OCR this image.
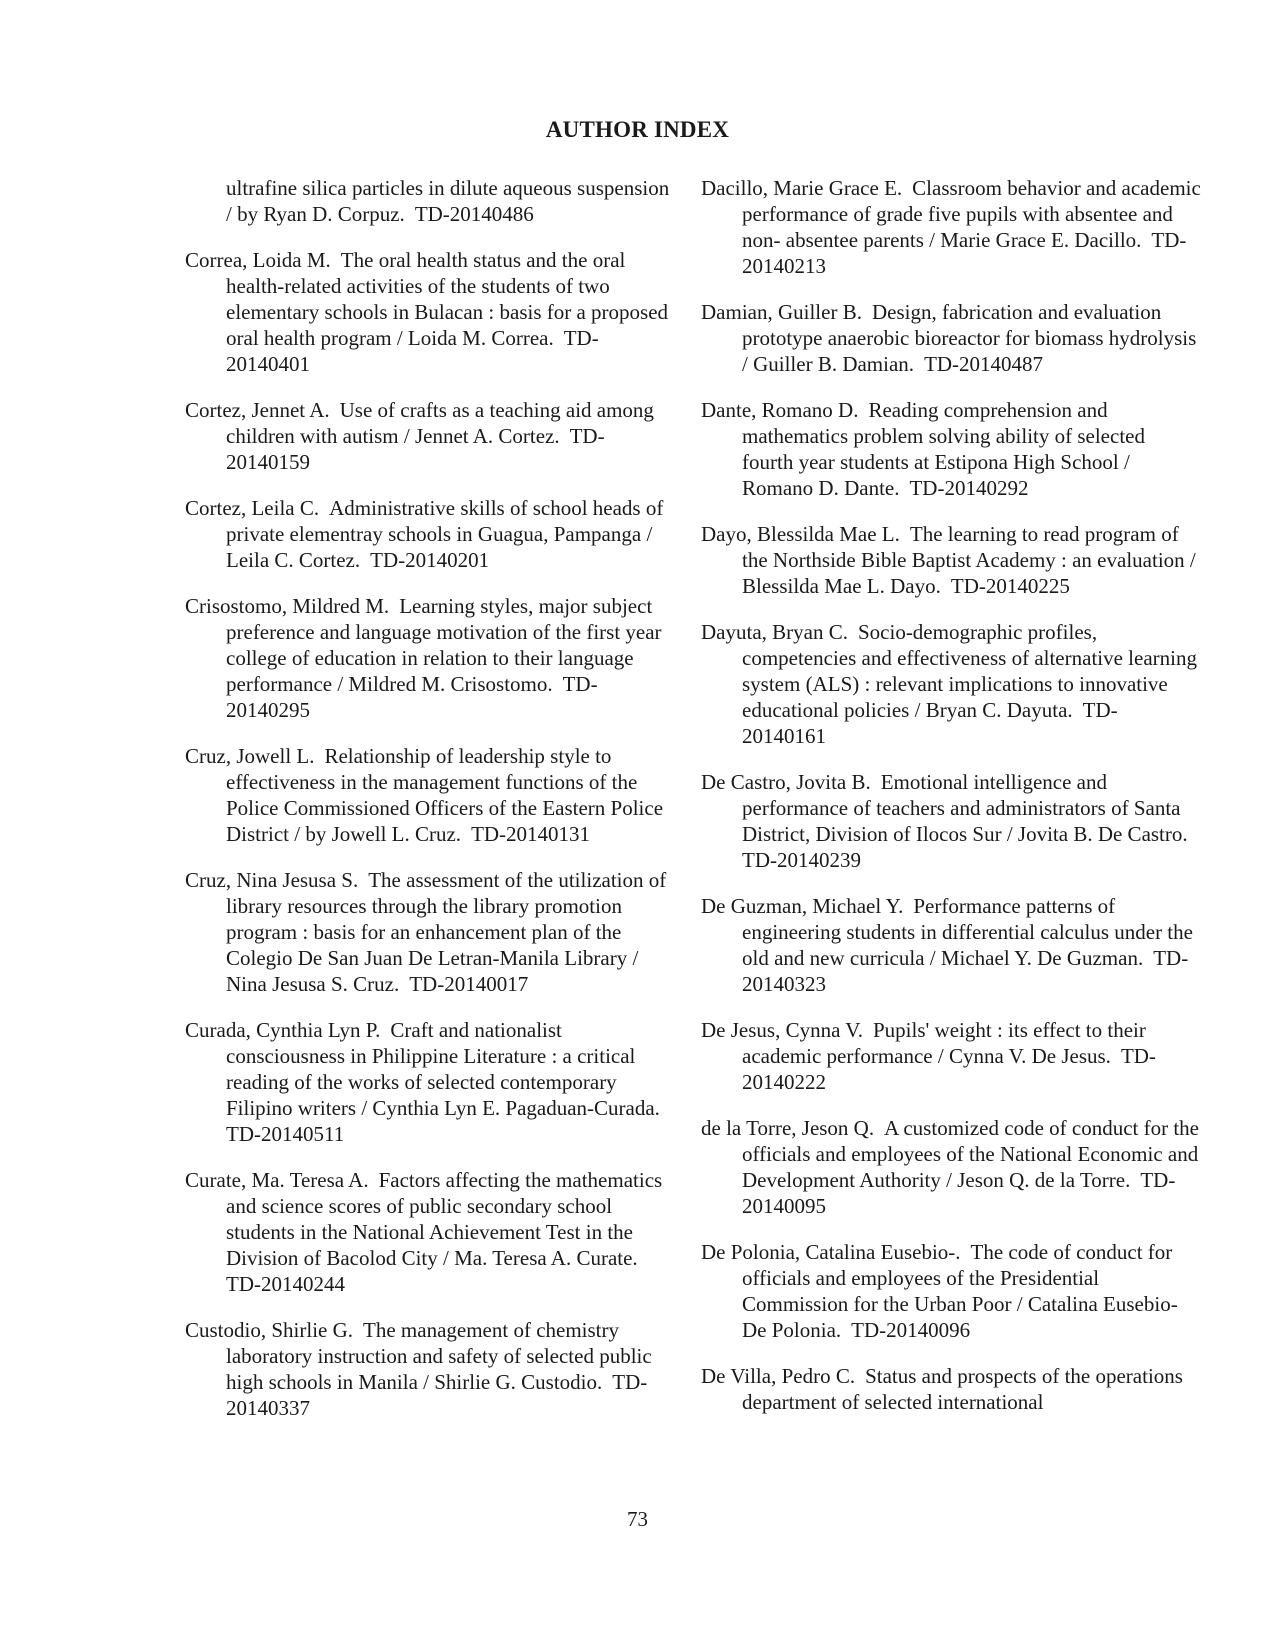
AUTHOR INDEX

ultrafine silica particles in dilute aqueous suspension / by Ryan D. Corpuz. TD-20140486

Correa, Loida M. The oral health status and the oral health-related activities of the students of two elementary schools in Bulacan : basis for a proposed oral health program / Loida M. Correa. TD-20140401

Cortez, Jennet A. Use of crafts as a teaching aid among children with autism / Jennet A. Cortez. TD-20140159

Cortez, Leila C. Administrative skills of school heads of private elementray schools in Guagua, Pampanga / Leila C. Cortez. TD-20140201

Crisostomo, Mildred M. Learning styles, major subject preference and language motivation of the first year college of education in relation to their language performance / Mildred M. Crisostomo. TD-20140295

Cruz, Jowell L. Relationship of leadership style to effectiveness in the management functions of the Police Commissioned Officers of the Eastern Police District / by Jowell L. Cruz. TD-20140131

Cruz, Nina Jesusa S. The assessment of the utilization of library resources through the library promotion program : basis for an enhancement plan of the Colegio De San Juan De Letran-Manila Library / Nina Jesusa S. Cruz. TD-20140017

Curada, Cynthia Lyn P. Craft and nationalist consciousness in Philippine Literature : a critical reading of the works of selected contemporary Filipino writers / Cynthia Lyn E. Pagaduan-Curada.TD-20140511

Curate, Ma. Teresa A. Factors affecting the mathematics and science scores of public secondary school students in the National Achievement Test in the Division of Bacolod City / Ma. Teresa A. Curate.TD-20140244

Custodio, Shirlie G. The management of chemistry laboratory instruction and safety of selected public high schools in Manila / Shirlie G. Custodio. TD-20140337

Dacillo, Marie Grace E. Classroom behavior and academic performance of grade five pupils with absentee and non- absentee parents / Marie Grace E. Dacillo. TD-20140213

Damian, Guiller B. Design, fabrication and evaluation prototype anaerobic bioreactor for biomass hydrolysis / Guiller B. Damian. TD-20140487

Dante, Romano D. Reading comprehension and mathematics problem solving ability of selected fourth year students at Estipona High School / Romano D. Dante. TD-20140292

Dayo, Blessilda Mae L. The learning to read program of the Northside Bible Baptist Academy : an evaluation / Blessilda Mae L. Dayo. TD-20140225

Dayuta, Bryan C. Socio-demographic profiles, competencies and effectiveness of alternative learning system (ALS) : relevant implications to innovative educational policies / Bryan C. Dayuta. TD-20140161

De Castro, Jovita B. Emotional intelligence and performance of teachers and administrators of Santa District, Division of Ilocos Sur / Jovita B. De Castro.TD-20140239

De Guzman, Michael Y. Performance patterns of engineering students in differential calculus under the old and new curricula / Michael Y. De Guzman. TD-20140323

De Jesus, Cynna V. Pupils' weight : its effect to their academic performance / Cynna V. De Jesus. TD-20140222

de la Torre, Jeson Q. A customized code of conduct for the officials and employees of the National Economic and Development Authority / Jeson Q. de la Torre. TD-20140095

De Polonia, Catalina Eusebio-. The code of conduct for officials and employees of the Presidential Commission for the Urban Poor / Catalina Eusebio- De Polonia. TD-20140096

De Villa, Pedro C. Status and prospects of the operations department of selected international

73
